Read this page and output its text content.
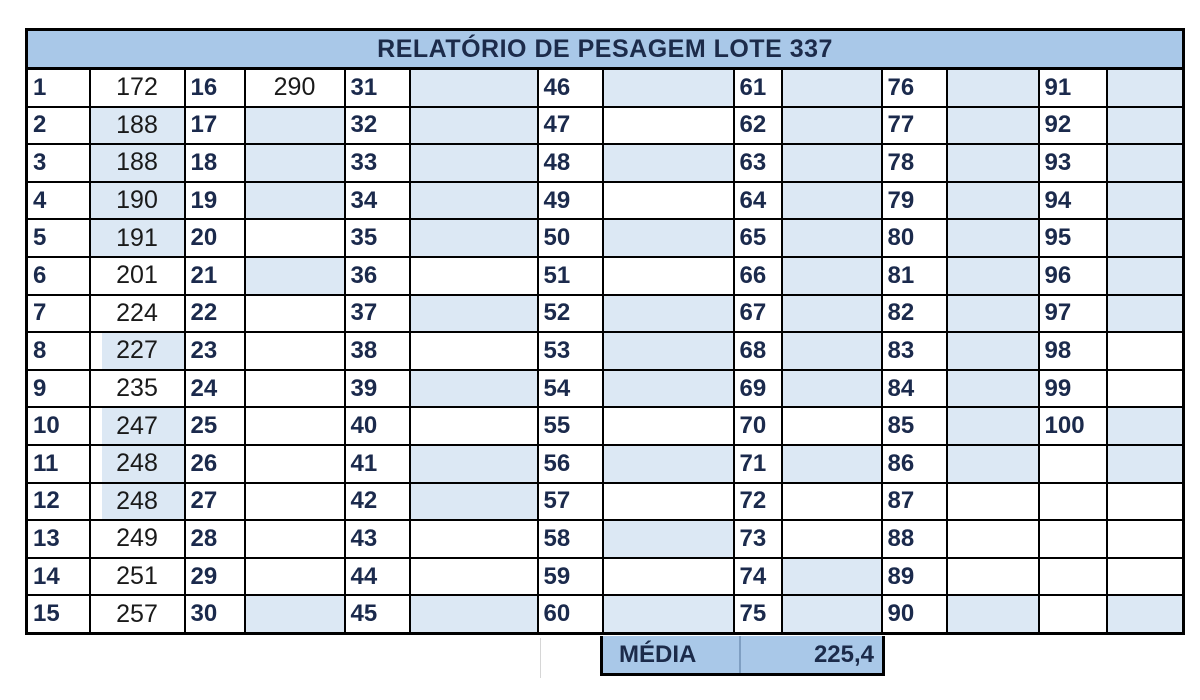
RELATÓRIO DE PESAGEM LOTE 337													
1	172	16	290	31		46		61		76		91	
2	188	17		32		47		62		77		92	
3	188	18		33		48		63		78		93	
4	190	19		34		49		64		79		94	
5	191	20		35		50		65		80		95	
6	201	21		36		51		66		81		96	
7	224	22		37		52		67		82		97	
8	227	23		38		53		68		83		98	
9	235	24		39		54		69		84		99	
10	247	25		40		55		70		85		100	
11	248	26		41		56		71		86			
12	248	27		42		57		72		87			
13	249	28		43		58		73		88			
14	251	29		44		59		74		89			
15	257	30		45		60		75		90			
MÉDIA	225,4
